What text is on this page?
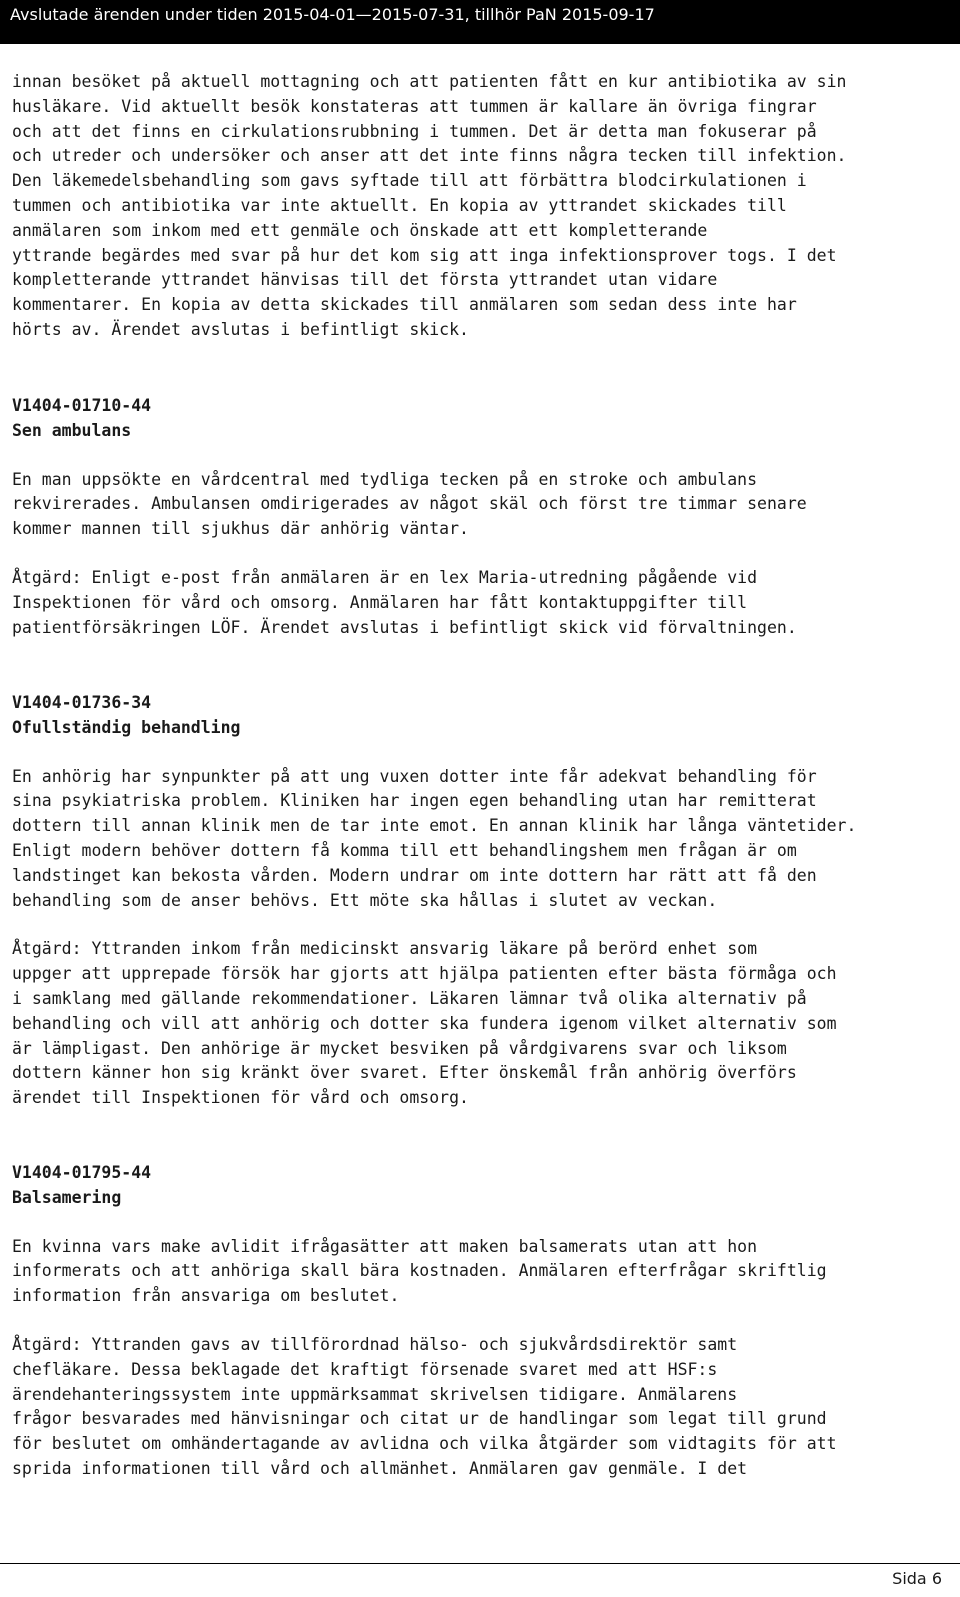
Avslutade ärenden under tiden 2015-04-01—2015-07-31, tillhör PaN 2015-09-17
innan besöket på aktuell mottagning och att patienten fått en kur antibiotika av sin
husläkare. Vid aktuellt besök konstateras att tummen är kallare än övriga fingrar
och att det finns en cirkulationsrubbning i tummen. Det är detta man fokuserar på
och utreder och undersöker och anser att det inte finns några tecken till infektion.
Den läkemedelsbehandling som gavs syftade till att förbättra blodcirkulationen i
tummen och antibiotika var inte aktuellt. En kopia av yttrandet skickades till
anmälaren som inkom med ett genmäle och önskade att ett kompletterande
yttrande begärdes med svar på hur det kom sig att inga infektionsprover togs. I det
kompletterande yttrandet hänvisas till det första yttrandet utan vidare
kommentarer. En kopia av detta skickades till anmälaren som sedan dess inte har
hörts av. Ärendet avslutas i befintligt skick.
V1404-01710-44
Sen ambulans
En man uppsökte en vårdcentral med tydliga tecken på en stroke och ambulans
rekvirerades. Ambulansen omdirigerades av något skäl och först tre timmar senare
kommer mannen till sjukhus där anhörig väntar.
Åtgärd: Enligt e-post från anmälaren är en lex Maria-utredning pågående vid
Inspektionen för vård och omsorg. Anmälaren har fått kontaktuppgifter till
patientförsäkringen LÖF. Ärendet avslutas i befintligt skick vid förvaltningen.
V1404-01736-34
Ofullständig behandling
En anhörig har synpunkter på att ung vuxen dotter inte får adekvat behandling för
sina psykiatriska problem. Kliniken har ingen egen behandling utan har remitterat
dottern till annan klinik men de tar inte emot. En annan klinik har långa väntetider.
Enligt modern behöver dottern få komma till ett behandlingshem men frågan är om
landstinget kan bekosta vården. Modern undrar om inte dottern har rätt att få den
behandling som de anser behövs. Ett möte ska hållas i slutet av veckan.
Åtgärd: Yttranden inkom från medicinskt ansvarig läkare på berörd enhet som
uppger att upprepade försök har gjorts att hjälpa patienten efter bästa förmåga och
i samklang med gällande rekommendationer. Läkaren lämnar två olika alternativ på
behandling och vill att anhörig och dotter ska fundera igenom vilket alternativ som
är lämpligast. Den anhörige är mycket besviken på vårdgivarens svar och liksom
dottern känner hon sig kränkt över svaret. Efter önskemål från anhörig överförs
ärendet till Inspektionen för vård och omsorg.
V1404-01795-44
Balsamering
En kvinna vars make avlidit ifrågasätter att maken balsamerats utan att hon
informerats och att anhöriga skall bära kostnaden. Anmälaren efterfrågar skriftlig
information från ansvariga om beslutet.
Åtgärd: Yttranden gavs av tillförordnad hälso- och sjukvårdsdirektör samt
chefläkare. Dessa beklagade det kraftigt försenade svaret med att HSF:s
ärendehanteringssystem inte uppmärksammat skrivelsen tidigare. Anmälarens
frågor besvarades med hänvisningar och citat ur de handlingar som legat till grund
för beslutet om omhändertagande av avlidna och vilka åtgärder som vidtagits för att
sprida informationen till vård och allmänhet. Anmälaren gav genmäle. I det
Sida 6
